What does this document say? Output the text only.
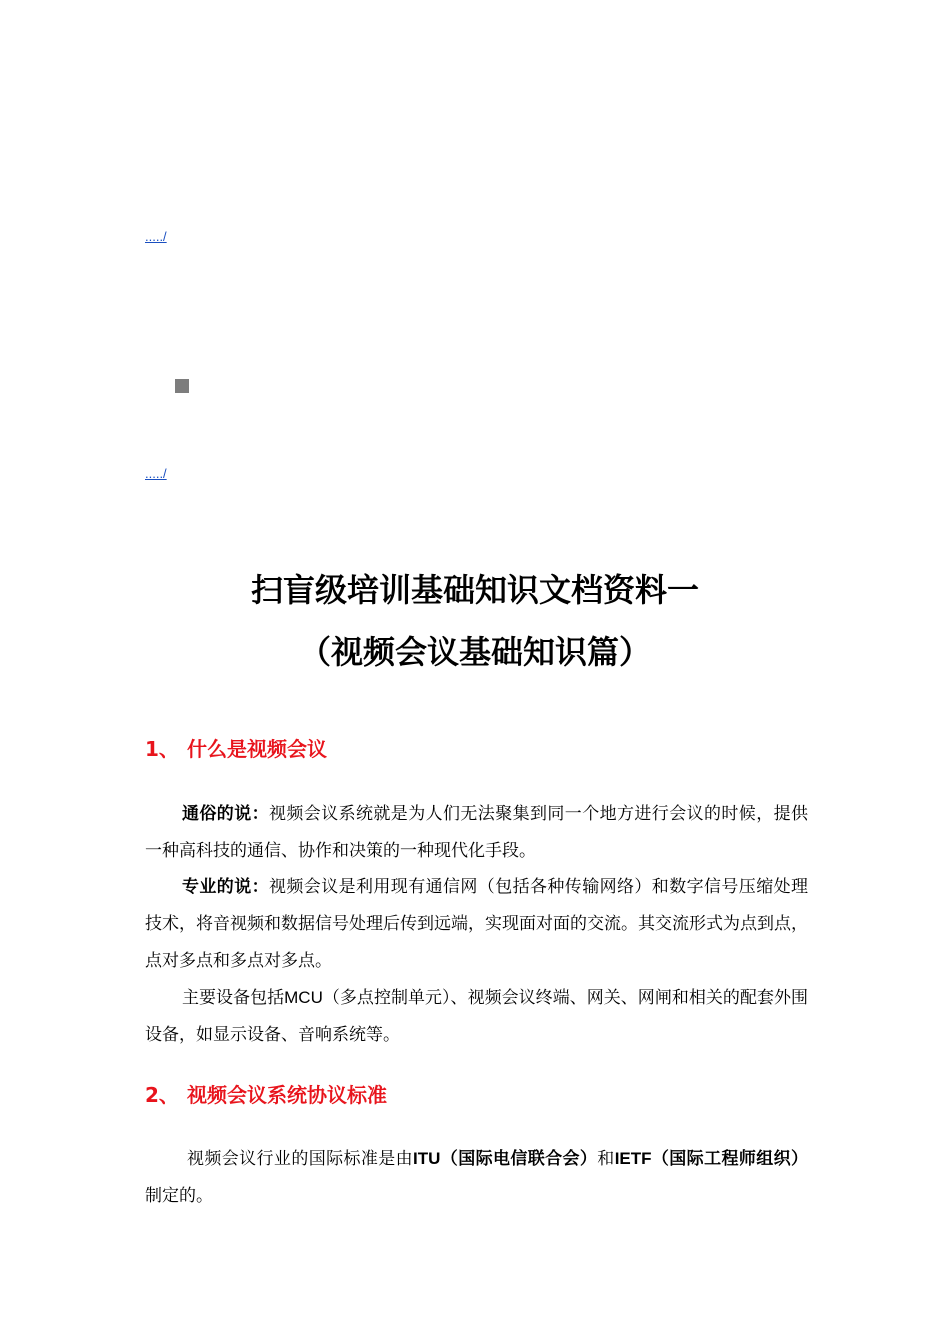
...../
...../
扫盲级培训基础知识文档资料一
（视频会议基础知识篇）
1、 什么是视频会议
通俗的说：视频会议系统就是为人们无法聚集到同一个地方进行会议的时候，提供一种高科技的通信、协作和决策的一种现代化手段。
专业的说：视频会议是利用现有通信网（包括各种传输网络）和数字信号压缩处理技术，将音视频和数据信号处理后传到远端，实现面对面的交流。其交流形式为点到点，点对多点和多点对多点。
主要设备包括MCU（多点控制单元）、视频会议终端、网关、网闸和相关的配套外围设备，如显示设备、音响系统等。
2、 视频会议系统协议标准
视频会议行业的国际标准是由ITU（国际电信联合会）和IETF（国际工程师组织）制定的。
